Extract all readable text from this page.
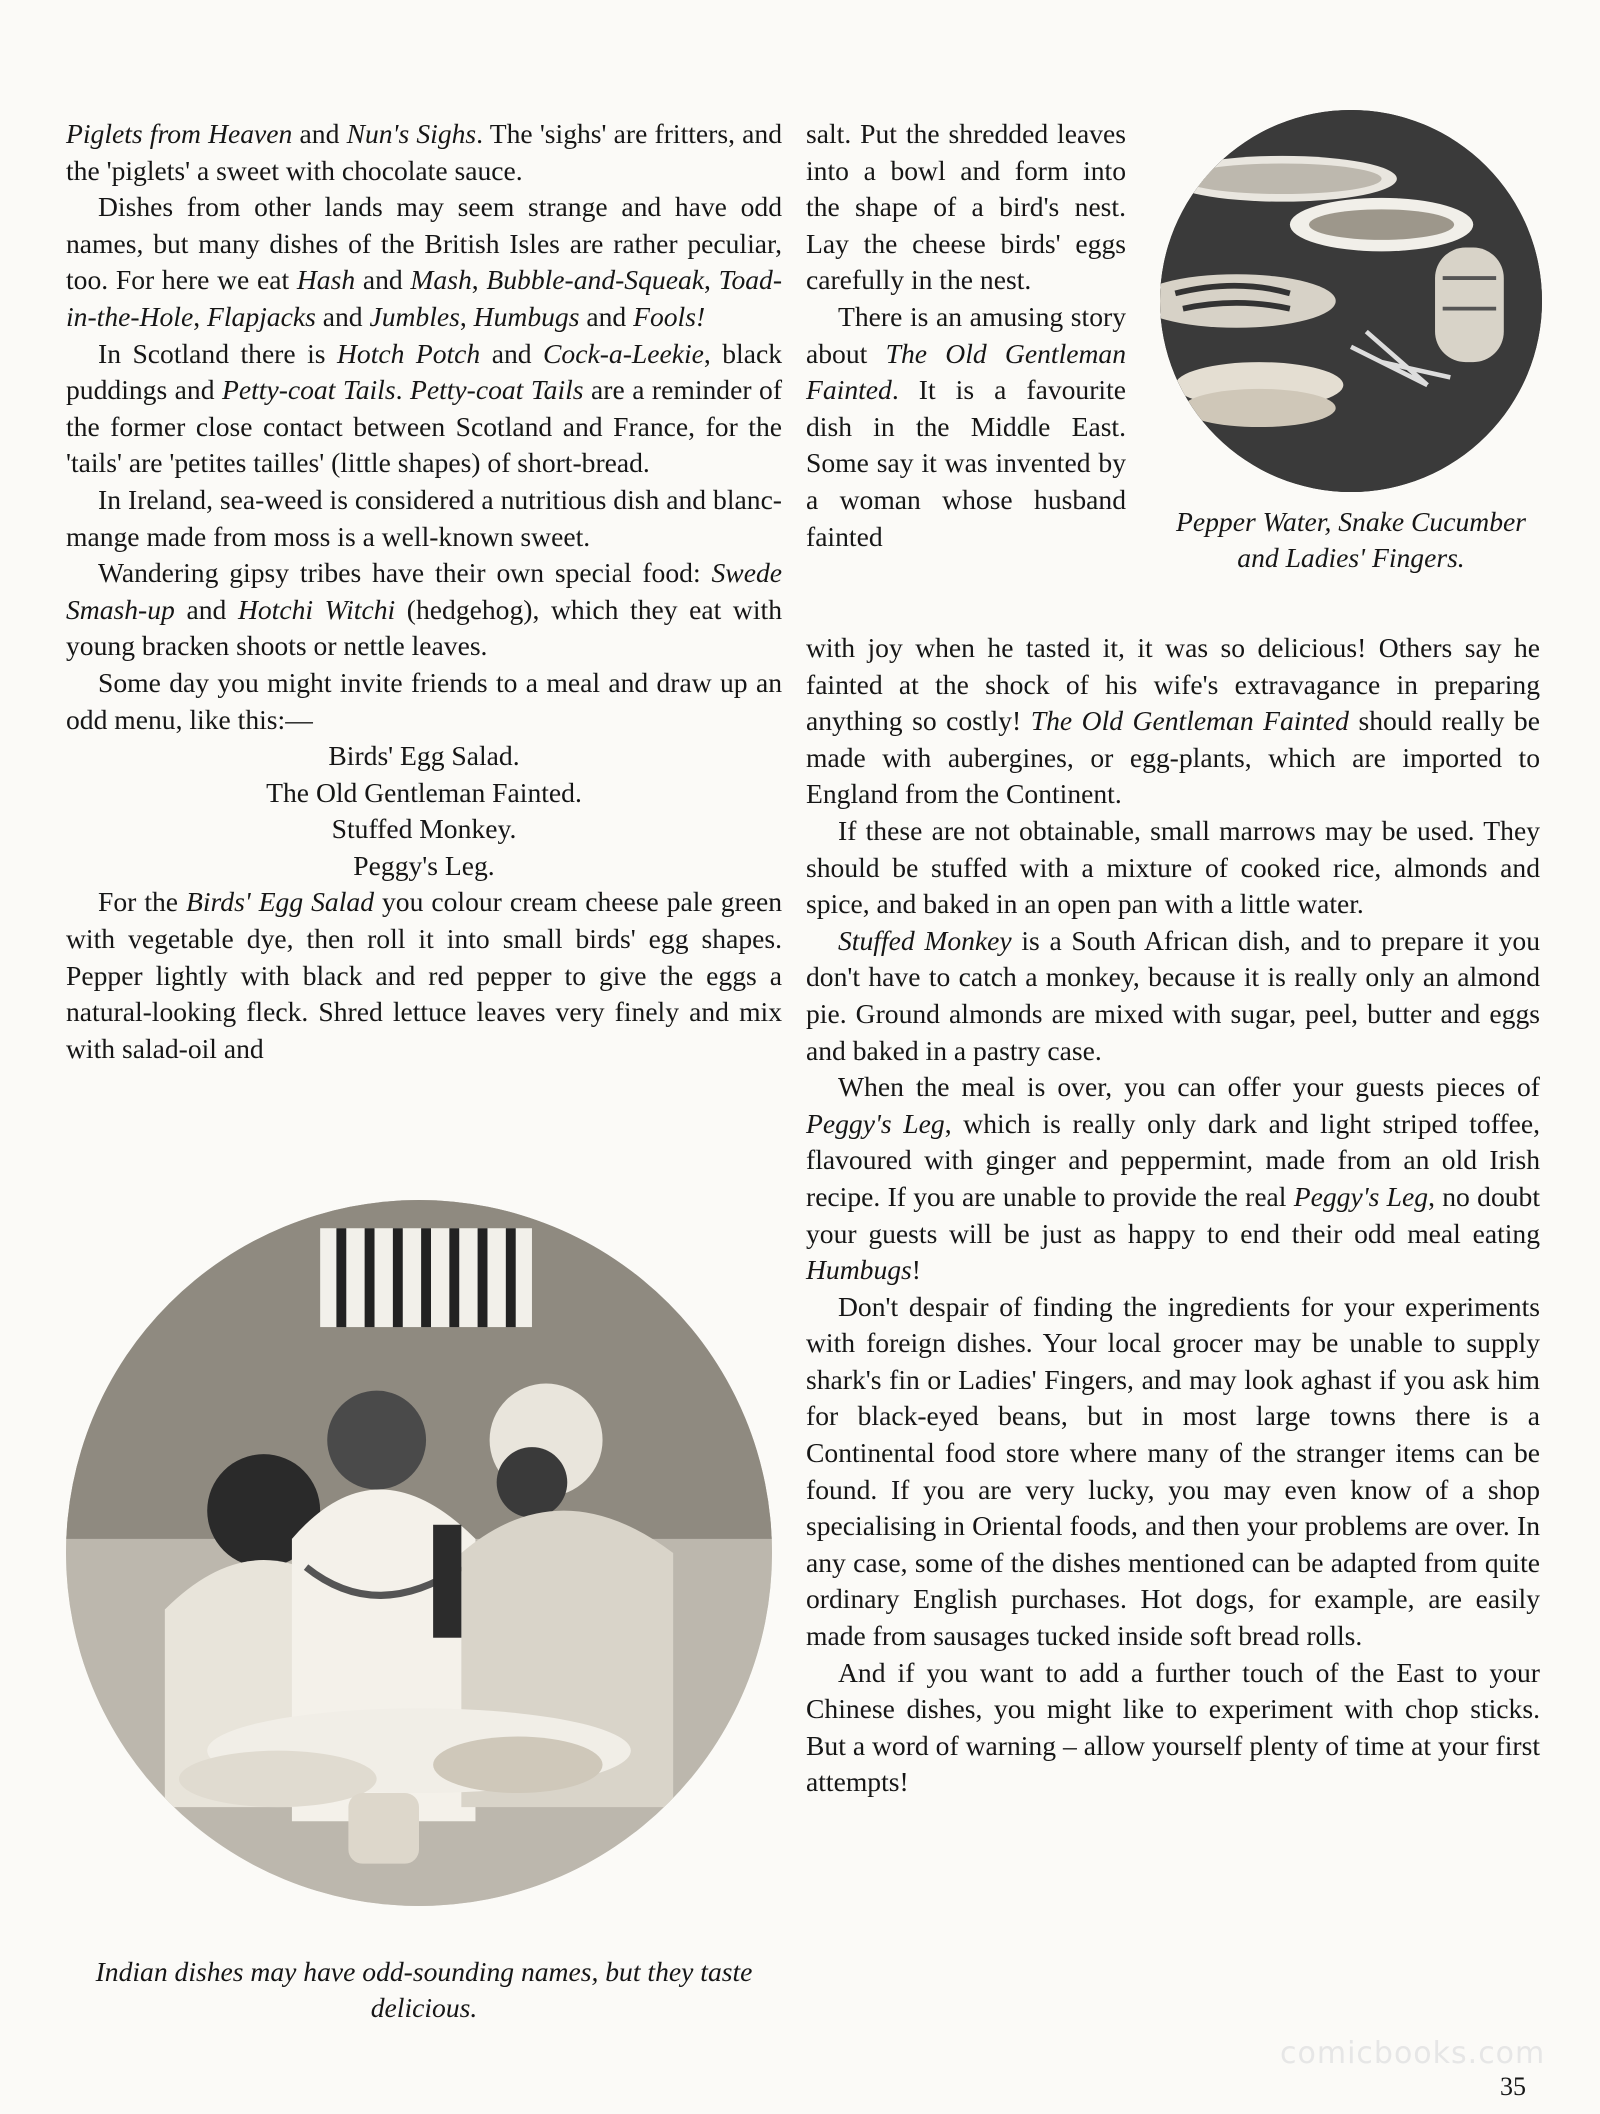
Piglets from Heaven and Nun's Sighs. The 'sighs' are fritters, and the 'piglets' a sweet with chocolate sauce.

Dishes from other lands may seem strange and have odd names, but many dishes of the British Isles are rather peculiar, too. For here we eat Hash and Mash, Bubble-and-Squeak, Toad-in-the-Hole, Flapjacks and Jumbles, Humbugs and Fools!

In Scotland there is Hotch Potch and Cock-a-Leekie, black puddings and Petty-coat Tails. Petty-coat Tails are a reminder of the former close contact between Scotland and France, for the 'tails' are 'petites tailles' (little shapes) of short-bread.

In Ireland, sea-weed is considered a nutritious dish and blanc-mange made from moss is a well-known sweet.

Wandering gipsy tribes have their own special food: Swede Smash-up and Hotchi Witchi (hedgehog), which they eat with young bracken shoots or nettle leaves.

Some day you might invite friends to a meal and draw up an odd menu, like this:—

Birds' Egg Salad.
The Old Gentleman Fainted.
Stuffed Monkey.
Peggy's Leg.

For the Birds' Egg Salad you colour cream cheese pale green with vegetable dye, then roll it into small birds' egg shapes. Pepper lightly with black and red pepper to give the eggs a natural-looking fleck. Shred lettuce leaves very finely and mix with salad-oil and

salt. Put the shredded leaves into a bowl and form into the shape of a bird's nest. Lay the cheese birds' eggs carefully in the nest.

There is an amusing story about The Old Gentleman Fainted. It is a favourite dish in the Middle East. Some say it was invented by a woman whose husband fainted	Pepper Water, Snake Cucumber and Ladies' Fingers.

with joy when he tasted it, it was so delicious! Others say he fainted at the shock of his wife's extravagance in preparing anything so costly! The Old Gentleman Fainted should really be made with aubergines, or egg-plants, which are imported to England from the Continent.

If these are not obtainable, small marrows may be used. They should be stuffed with a mixture of cooked rice, almonds and spice, and baked in an open pan with a little water.

Stuffed Monkey is a South African dish, and to prepare it you don't have to catch a monkey, because it is really only an almond pie. Ground almonds are mixed with sugar, peel, butter and eggs and baked in a pastry case.

When the meal is over, you can offer your guests pieces of Peggy's Leg, which is really only dark and light striped toffee, flavoured with ginger and peppermint, made from an old Irish recipe. If you are unable to provide the real Peggy's Leg, no doubt your guests will be just as happy to end their odd meal eating Humbugs!

Don't despair of finding the ingredients for your experiments with foreign dishes. Your local grocer may be unable to supply shark's fin or Ladies' Fingers, and may look aghast if you ask him for black-eyed beans, but in most large towns there is a Continental food store where many of the stranger items can be found. If you are very lucky, you may even know of a shop specialising in Oriental foods, and then your problems are over. In any case, some of the dishes mentioned can be adapted from quite ordinary English purchases. Hot dogs, for example, are easily made from sausages tucked inside soft bread rolls.

And if you want to add a further touch of the East to your Chinese dishes, you might like to experiment with chop sticks. But a word of warning – allow yourself plenty of time at your first attempts!

Indian dishes may have odd-sounding names, but they taste delicious.
comicbooks.com
35
